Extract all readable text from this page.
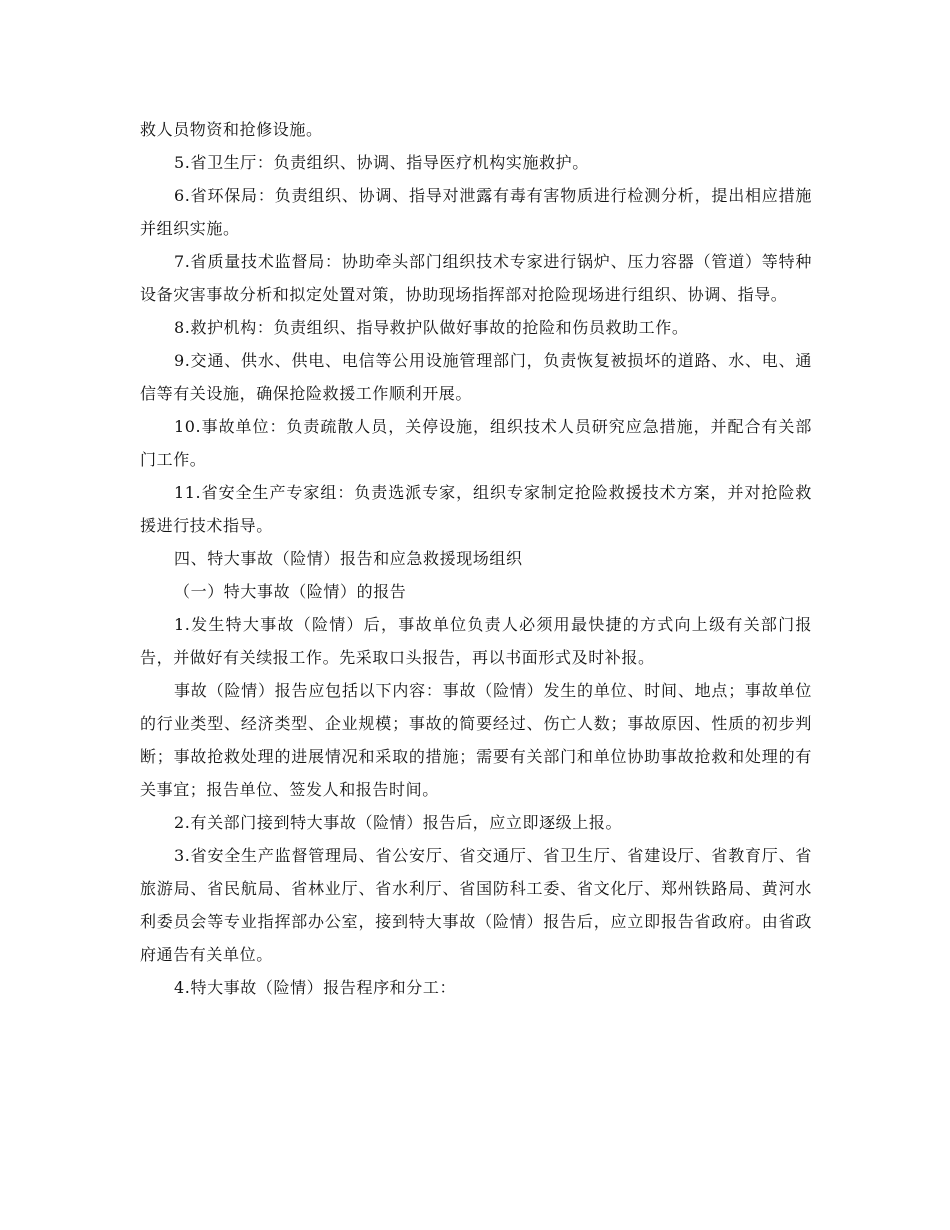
救人员物资和抢修设施。

5.省卫生厅：负责组织、协调、指导医疗机构实施救护。

6.省环保局：负责组织、协调、指导对泄露有毒有害物质进行检测分析，提出相应措施并组织实施。

7.省质量技术监督局：协助牵头部门组织技术专家进行锅炉、压力容器（管道）等特种设备灾害事故分析和拟定处置对策，协助现场指挥部对抢险现场进行组织、协调、指导。

8.救护机构：负责组织、指导救护队做好事故的抢险和伤员救助工作。

9.交通、供水、供电、电信等公用设施管理部门，负责恢复被损坏的道路、水、电、通信等有关设施，确保抢险救援工作顺利开展。

10.事故单位：负责疏散人员，关停设施，组织技术人员研究应急措施，并配合有关部门工作。

11.省安全生产专家组：负责选派专家，组织专家制定抢险救援技术方案，并对抢险救援进行技术指导。

四、特大事故（险情）报告和应急救援现场组织

（一）特大事故（险情）的报告

1.发生特大事故（险情）后，事故单位负责人必须用最快捷的方式向上级有关部门报告，并做好有关续报工作。先采取口头报告，再以书面形式及时补报。

事故（险情）报告应包括以下内容：事故（险情）发生的单位、时间、地点；事故单位的行业类型、经济类型、企业规模；事故的简要经过、伤亡人数；事故原因、性质的初步判断；事故抢救处理的进展情况和采取的措施；需要有关部门和单位协助事故抢救和处理的有关事宜；报告单位、签发人和报告时间。

2.有关部门接到特大事故（险情）报告后，应立即逐级上报。

3.省安全生产监督管理局、省公安厅、省交通厅、省卫生厅、省建设厅、省教育厅、省旅游局、省民航局、省林业厅、省水利厅、省国防科工委、省文化厅、郑州铁路局、黄河水利委员会等专业指挥部办公室，接到特大事故（险情）报告后，应立即报告省政府。由省政府通告有关单位。

4.特大事故（险情）报告程序和分工：
